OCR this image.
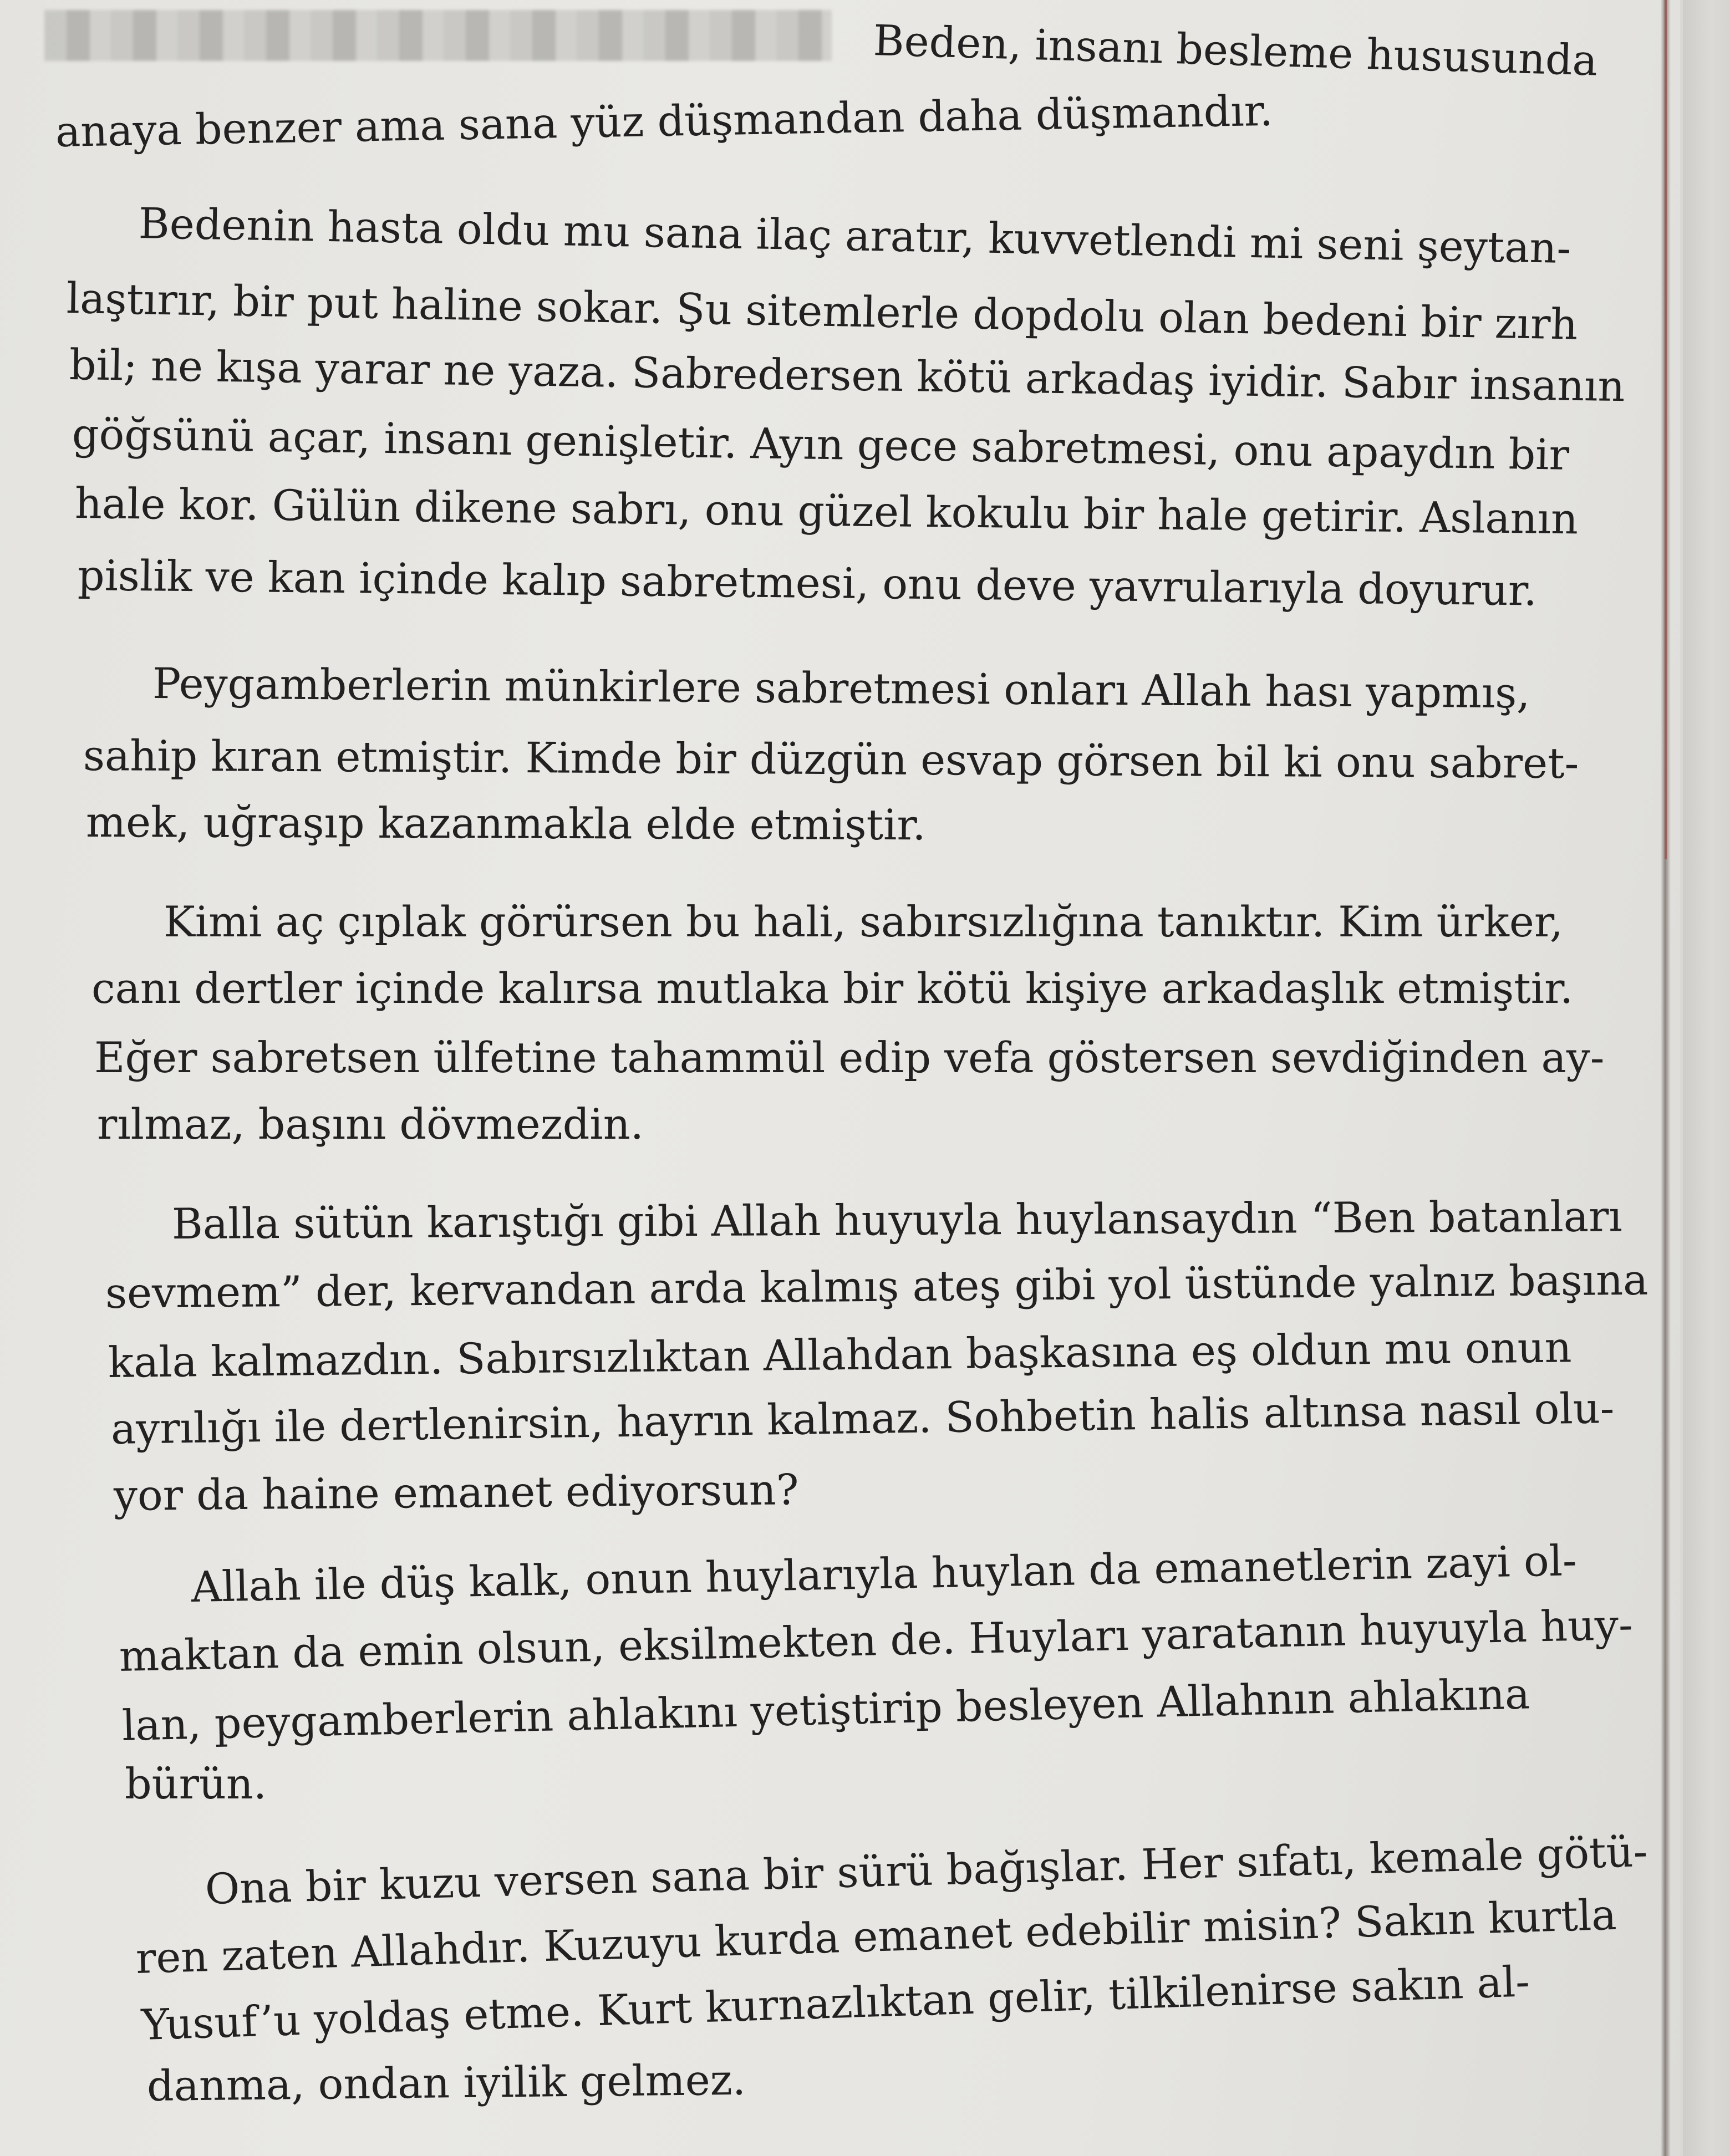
Beden, insanı besleme hususunda
anaya benzer ama sana yüz düşmandan daha düşmandır.
Bedenin hasta oldu mu sana ilaç aratır, kuvvetlendi mi seni şeytan-
laştırır, bir put haline sokar. Şu sitemlerle dopdolu olan bedeni bir zırh
bil; ne kışa yarar ne yaza. Sabredersen kötü arkadaş iyidir. Sabır insanın
göğsünü açar, insanı genişletir. Ayın gece sabretmesi, onu apaydın bir
hale kor. Gülün dikene sabrı, onu güzel kokulu bir hale getirir. Aslanın
pislik ve kan içinde kalıp sabretmesi, onu deve yavrularıyla doyurur.
Peygamberlerin münkirlere sabretmesi onları Allah hası yapmış,
sahip kıran etmiştir. Kimde bir düzgün esvap görsen bil ki onu sabret-
mek, uğraşıp kazanmakla elde etmiştir.
Kimi aç çıplak görürsen bu hali, sabırsızlığına tanıktır. Kim ürker,
canı dertler içinde kalırsa mutlaka bir kötü kişiye arkadaşlık etmiştir.
Eğer sabretsen ülfetine tahammül edip vefa göstersen sevdiğinden ay-
rılmaz, başını dövmezdin.
Balla sütün karıştığı gibi Allah huyuyla huylansaydın “Ben batanları
sevmem” der, kervandan arda kalmış ateş gibi yol üstünde yalnız başına
kala kalmazdın. Sabırsızlıktan Allahdan başkasına eş oldun mu onun
ayrılığı ile dertlenirsin, hayrın kalmaz. Sohbetin halis altınsa nasıl olu-
yor da haine emanet ediyorsun?
Allah ile düş kalk, onun huylarıyla huylan da emanetlerin zayi ol-
maktan da emin olsun, eksilmekten de. Huyları yaratanın huyuyla huy-
lan, peygamberlerin ahlakını yetiştirip besleyen Allahnın ahlakına
bürün.
Ona bir kuzu versen sana bir sürü bağışlar. Her sıfatı, kemale götü-
ren zaten Allahdır. Kuzuyu kurda emanet edebilir misin? Sakın kurtla
Yusuf’u yoldaş etme. Kurt kurnazlıktan gelir, tilkilenirse sakın al-
danma, ondan iyilik gelmez.
